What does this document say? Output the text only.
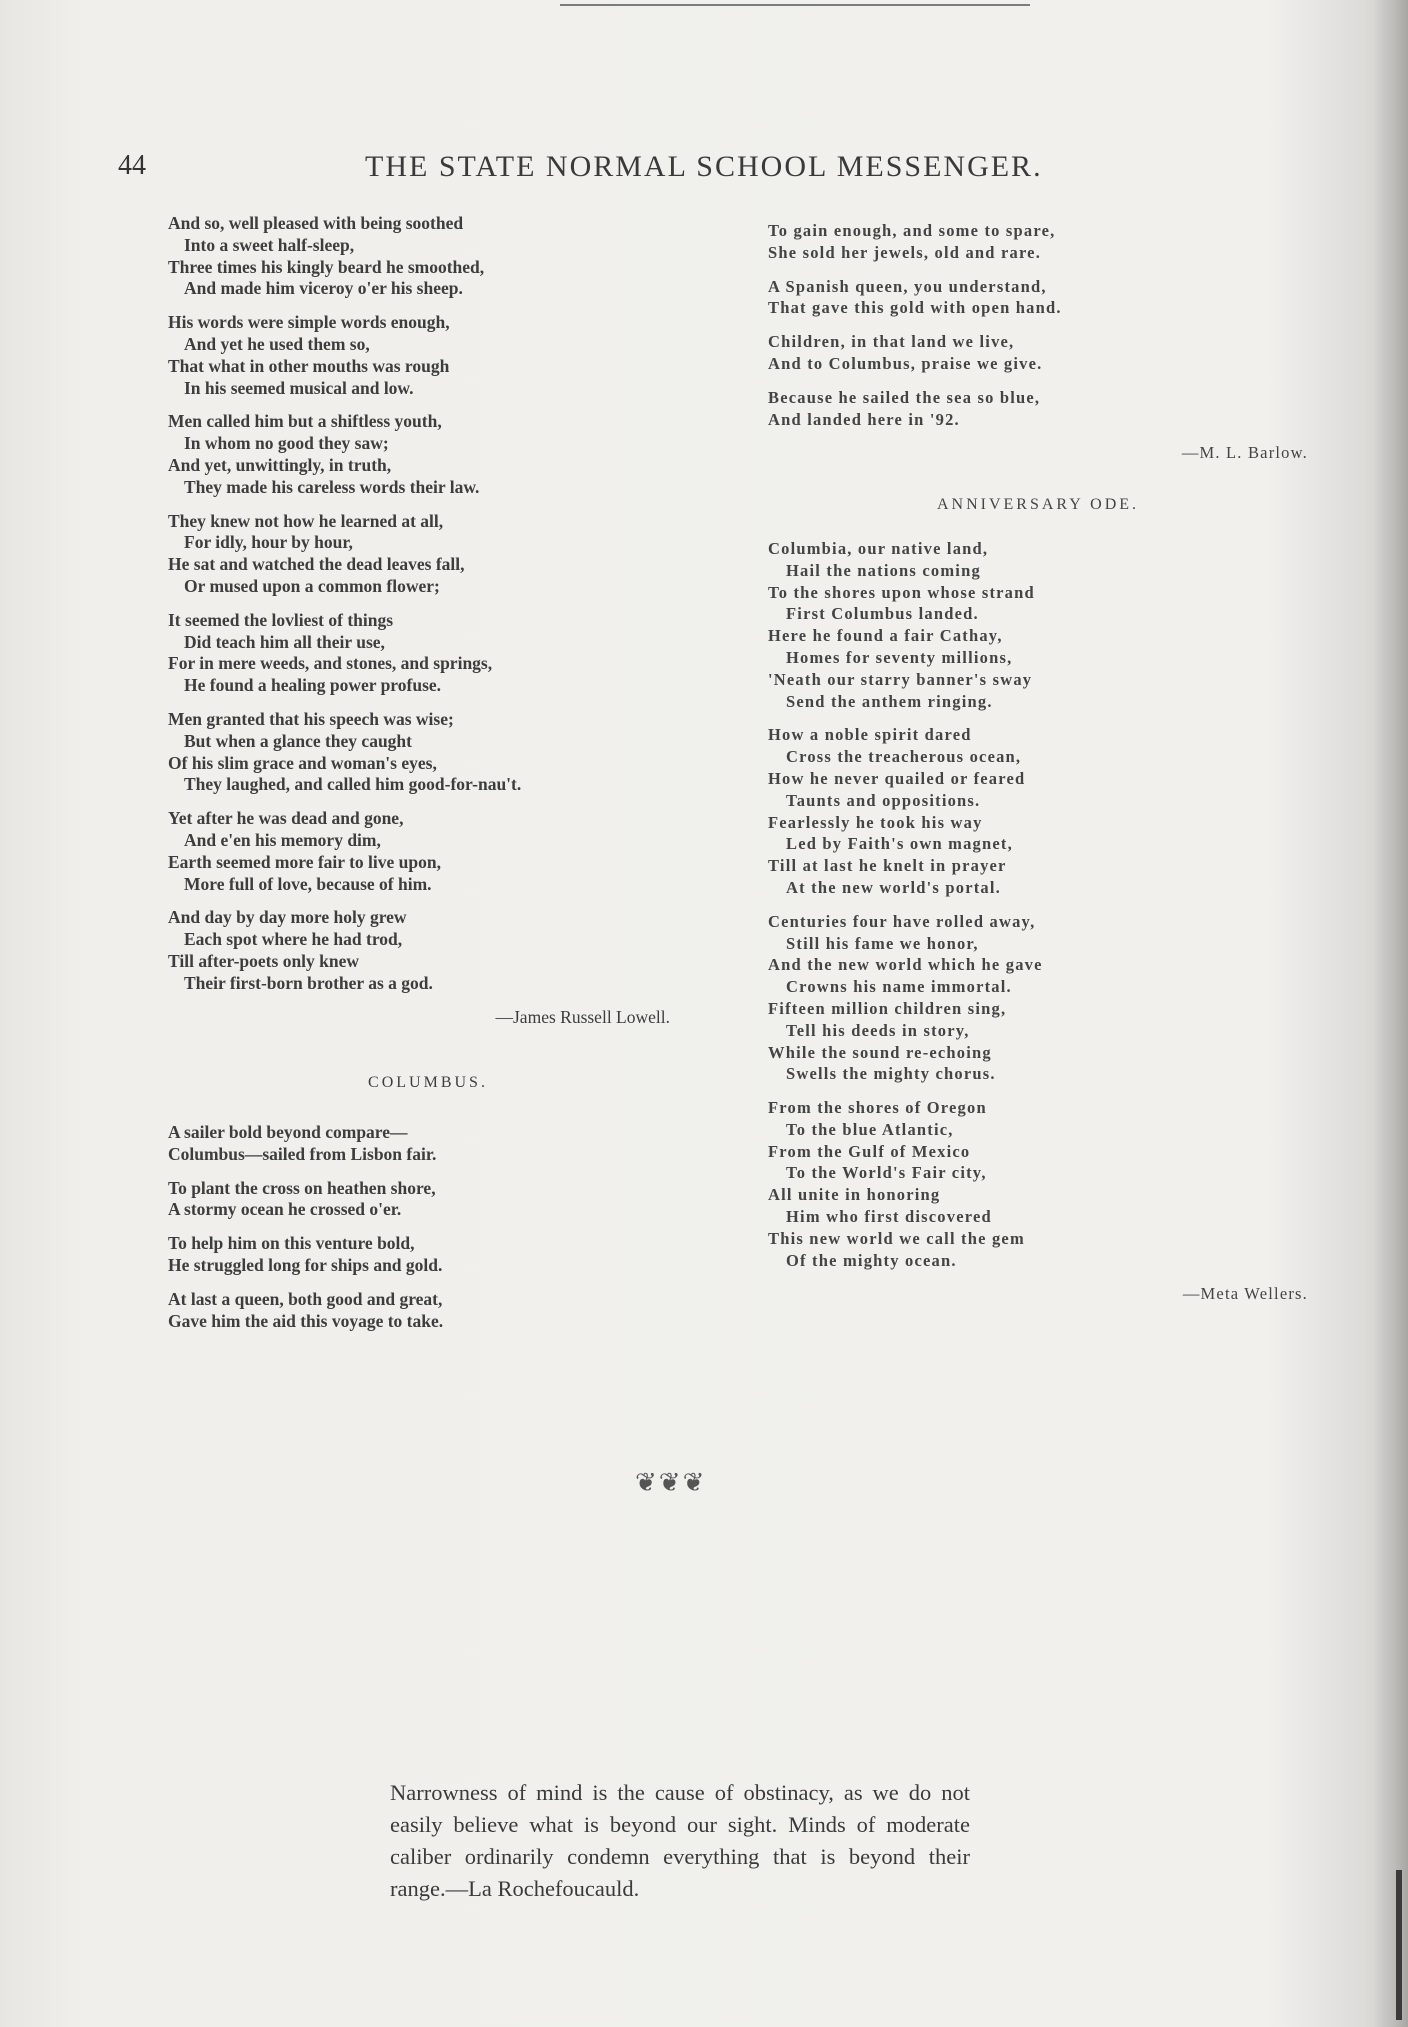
44	THE STATE NORMAL SCHOOL MESSENGER.
And so, well pleased with being soothed
Into a sweet half-sleep,
Three times his kingly beard he smoothed,
And made him viceroy o'er his sheep.
His words were simple words enough,
And yet he used them so,
That what in other mouths was rough
In his seemed musical and low.
Men called him but a shiftless youth,
In whom no good they saw;
And yet, unwittingly, in truth,
They made his careless words their law.
They knew not how he learned at all,
For idly, hour by hour,
He sat and watched the dead leaves fall,
Or mused upon a common flower;
It seemed the lovliest of things
Did teach him all their use,
For in mere weeds, and stones, and springs,
He found a healing power profuse.
Men granted that his speech was wise;
But when a glance they caught
Of his slim grace and woman's eyes,
They laughed, and called him good-for-nau't.
Yet after he was dead and gone,
And e'en his memory dim,
Earth seemed more fair to live upon,
More full of love, because of him.
And day by day more holy grew
Each spot where he had trod,
Till after-poets only knew
Their first-born brother as a god.
—James Russell Lowell.
COLUMBUS.
A sailer bold beyond compare—
Columbus—sailed from Lisbon fair.
To plant the cross on heathen shore,
A stormy ocean he crossed o'er.
To help him on this venture bold,
He struggled long for ships and gold.
At last a queen, both good and great,
Gave him the aid this voyage to take.
To gain enough, and some to spare,
She sold her jewels, old and rare.
A Spanish queen, you understand,
That gave this gold with open hand.
Children, in that land we live,
And to Columbus, praise we give.
Because he sailed the sea so blue,
And landed here in '92.
—M. L. Barlow.
ANNIVERSARY ODE.
Columbia, our native land,
Hail the nations coming
To the shores upon whose strand
First Columbus landed.
Here he found a fair Cathay,
Homes for seventy millions,
'Neath our starry banner's sway
Send the anthem ringing.
How a noble spirit dared
Cross the treacherous ocean,
How he never quailed or feared
Taunts and oppositions.
Fearlessly he took his way
Led by Faith's own magnet,
Till at last he knelt in prayer
At the new world's portal.
Centuries four have rolled away,
Still his fame we honor,
And the new world which he gave
Crowns his name immortal.
Fifteen million children sing,
Tell his deeds in story,
While the sound re-echoing
Swells the mighty chorus.
From the shores of Oregon
To the blue Atlantic,
From the Gulf of Mexico
To the World's Fair city,
All unite in honoring
Him who first discovered
This new world we call the gem
Of the mighty ocean.
—Meta Wellers.
❦❦❦
Narrowness of mind is the cause of obstinacy, as we do not easily believe what is beyond our sight. Minds of moderate caliber ordinarily condemn everything that is beyond their range.—La Rochefoucauld.
